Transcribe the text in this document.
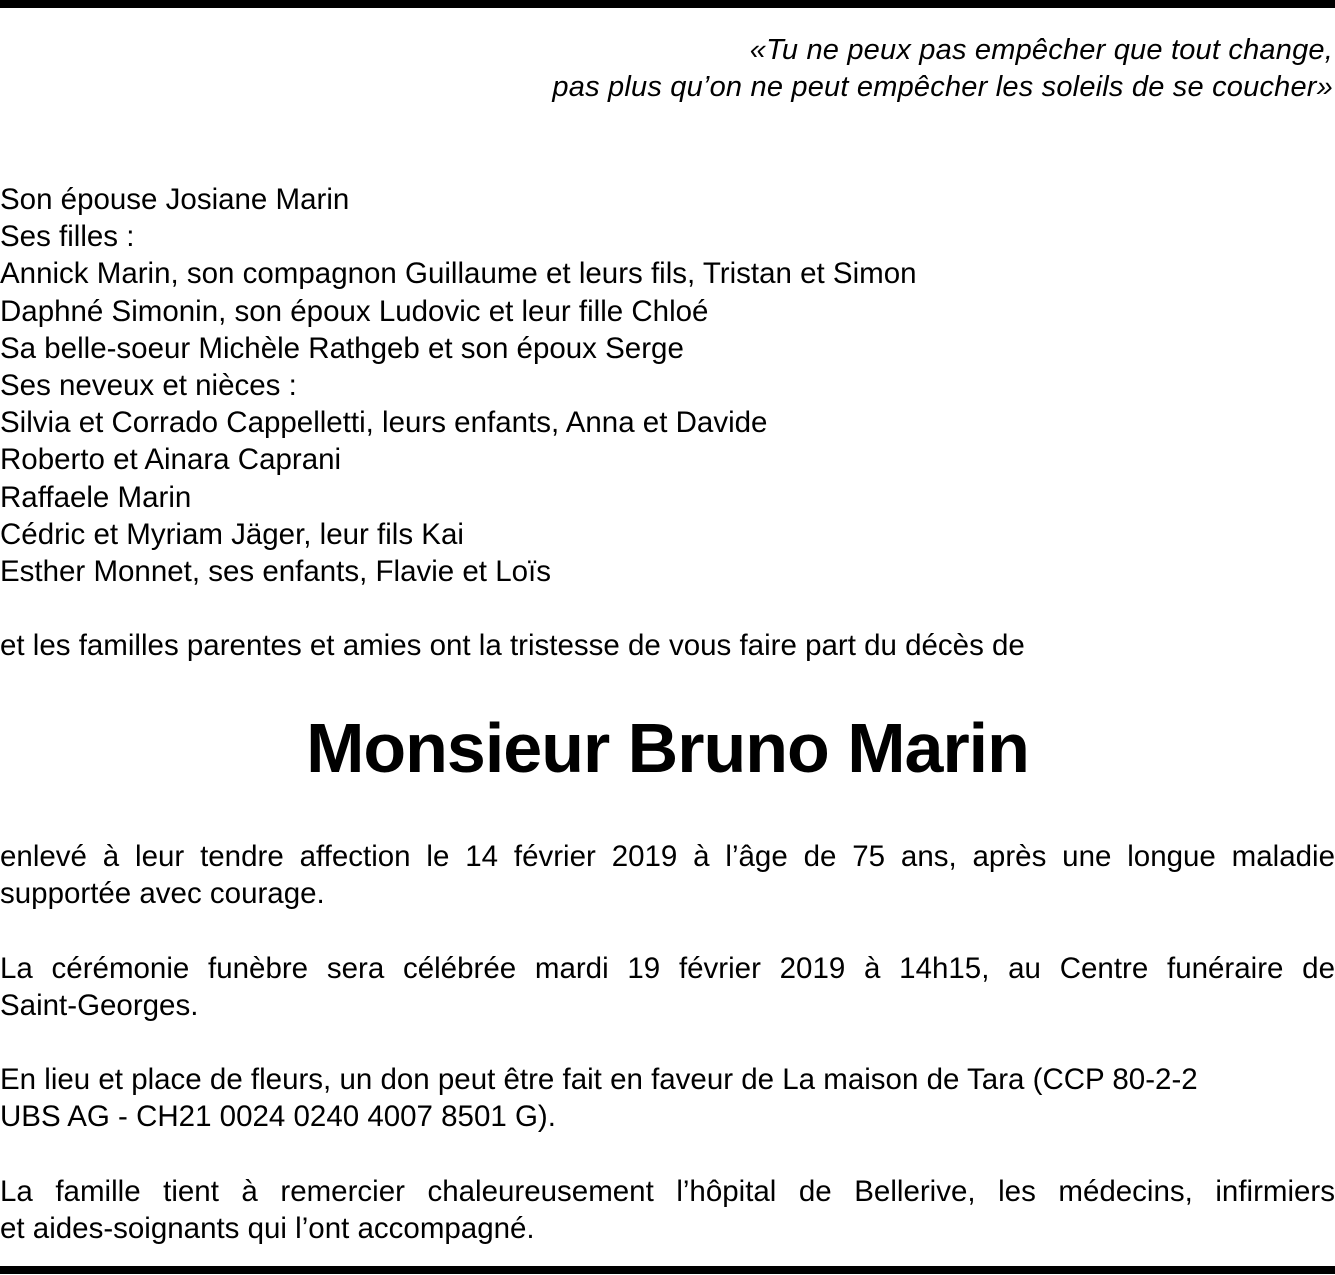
«Tu ne peux pas empêcher que tout change,
pas plus qu’on ne peut empêcher les soleils de se coucher»
Son épouse Josiane Marin
Ses filles :
Annick Marin, son compagnon Guillaume et leurs fils, Tristan et Simon
Daphné Simonin, son époux Ludovic et leur fille Chloé
Sa belle-soeur Michèle Rathgeb et son époux Serge
Ses neveux et nièces :
Silvia et Corrado Cappelletti, leurs enfants, Anna et Davide
Roberto et Ainara Caprani
Raffaele Marin
Cédric et Myriam Jäger, leur fils Kai
Esther Monnet, ses enfants, Flavie et Loïs
et les familles parentes et amies ont la tristesse de vous faire part du décès de
Monsieur Bruno Marin
enlevé à leur tendre affection le 14 février 2019 à l’âge de 75 ans, après une longue maladie
supportée avec courage.
La cérémonie funèbre sera célébrée mardi 19 février 2019 à 14h15, au Centre funéraire de
Saint-Georges.
En lieu et place de fleurs, un don peut être fait en faveur de La maison de Tara (CCP 80-2-2
UBS AG - CH21 0024 0240 4007 8501 G).
La famille tient à remercier chaleureusement l’hôpital de Bellerive, les médecins, infirmiers
et aides-soignants qui l’ont accompagné.
